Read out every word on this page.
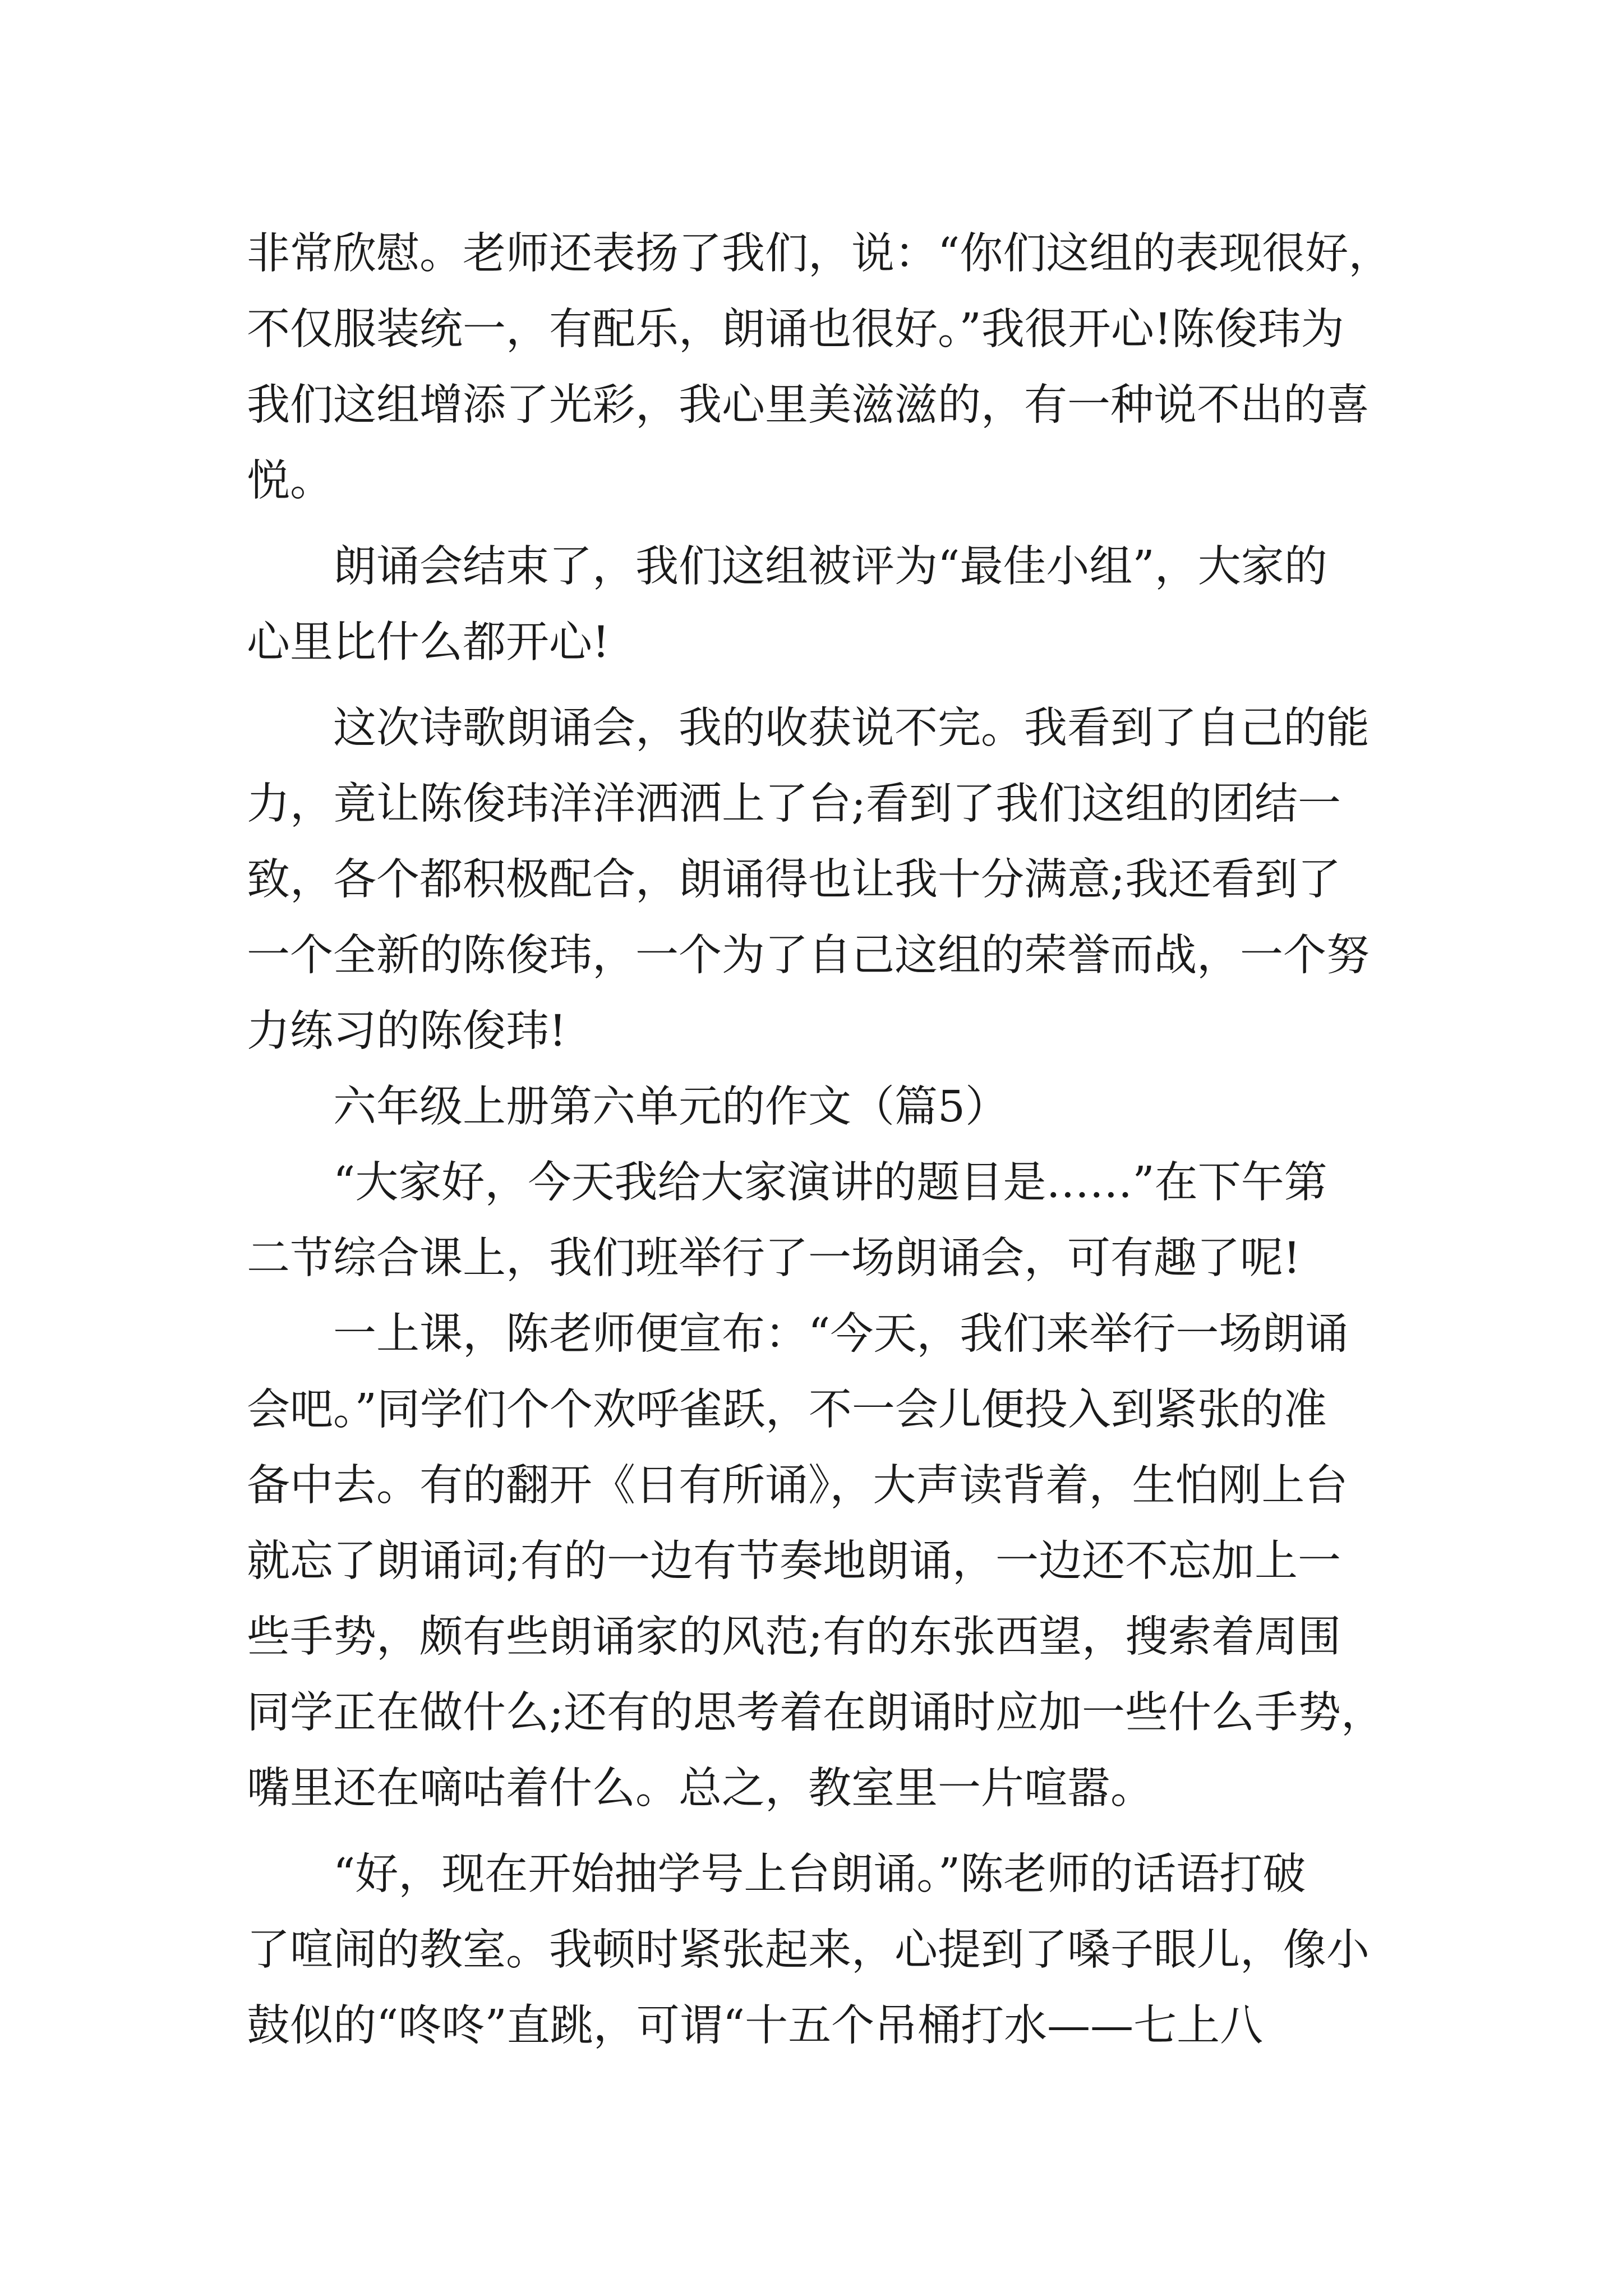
非常欣慰。老师还表扬了我们，说：“你们这组的表现很好，
不仅服装统一，有配乐，朗诵也很好。”我很开心!陈俊玮为
我们这组增添了光彩，我心里美滋滋的，有一种说不出的喜
悦。
　　朗诵会结束了，我们这组被评为“最佳小组”，大家的
心里比什么都开心!
　　这次诗歌朗诵会，我的收获说不完。我看到了自己的能
力，竟让陈俊玮洋洋洒洒上了台;看到了我们这组的团结一
致，各个都积极配合，朗诵得也让我十分满意;我还看到了
一个全新的陈俊玮，一个为了自己这组的荣誉而战，一个努
力练习的陈俊玮!
　　六年级上册第六单元的作文（篇5）
　　“大家好，今天我给大家演讲的题目是……”在下午第
二节综合课上，我们班举行了一场朗诵会，可有趣了呢!
　　一上课，陈老师便宣布：“今天，我们来举行一场朗诵
会吧。”同学们个个欢呼雀跃，不一会儿便投入到紧张的准
备中去。有的翻开《日有所诵》，大声读背着，生怕刚上台
就忘了朗诵词;有的一边有节奏地朗诵，一边还不忘加上一
些手势，颇有些朗诵家的风范;有的东张西望，搜索着周围
同学正在做什么;还有的思考着在朗诵时应加一些什么手势，
嘴里还在嘀咕着什么。总之，教室里一片喧嚣。
　　“好，现在开始抽学号上台朗诵。”陈老师的话语打破
了喧闹的教室。我顿时紧张起来，心提到了嗓子眼儿，像小
鼓似的“咚咚”直跳，可谓“十五个吊桶打水——七上八
